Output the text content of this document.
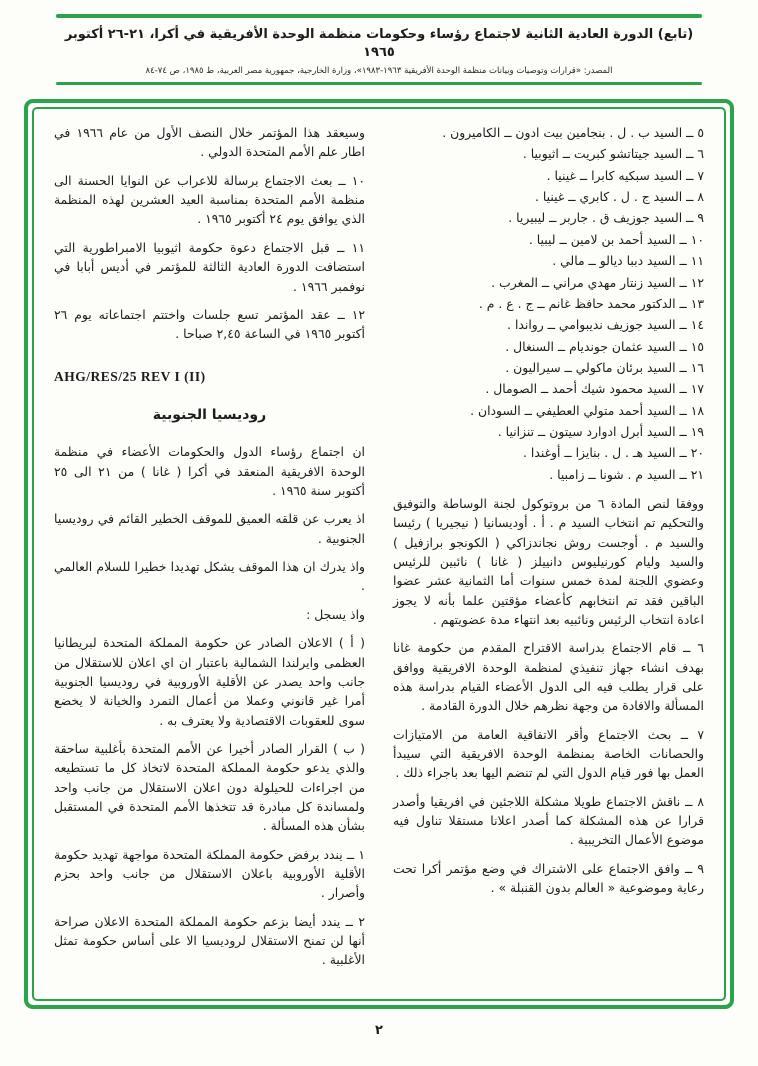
(تابع) الدورة العادية الثانية لاجتماع رؤساء وحكومات منظمة الوحدة الأفريقية في أكرا، ٢١-٢٦ أكتوبر ١٩٦٥
المصدر: «قرارات وتوصيات وبيانات منظمة الوحدة الأفريقية ١٩٦٣-١٩٨٣»، وزارة الخارجية، جمهورية مصر العربية، ط ١٩٨٥، ص ٧٤-٨٤
٥ ــ السيد ب . ل . بنجامين بيت ادون ــ الكاميرون .
٦ ــ السيد جيتاتشو كبريت ــ اثيوبيا .
٧ ــ السيد سبكيه كابرا ــ غينيا .
٨ ــ السيد ج . ل . كابري ــ غينيا .
٩ ــ السيد جوزيف ق . جاربر ــ ليبيريا .
١٠ ــ السيد أحمد بن لامين ــ ليبيا .
١١ ــ السيد دببا ديالو ــ مالي .
١٢ ــ السيد زنتار مهدي مراني ــ المغرب .
١٣ ــ الدكتور محمد حافظ غانم ــ ج . ع . م .
١٤ ــ السيد جوزيف نديبوامي ــ رواندا .
١٥ ــ السيد عثمان جونديام ــ السنغال .
١٦ ــ السيد برئان ماكولي ــ سيراليون .
١٧ ــ السيد محمود شيك أحمد ــ الصومال .
١٨ ــ السيد أحمد متولي العطيفي ــ السودان .
١٩ ــ السيد أبرل ادوارد سيتون ــ تنزانيا .
٢٠ ــ السيد هـ . ل . بنايزا ــ أوغندا .
٢١ ــ السيد م . شونا ــ زامبيا .
ووفقا لنص المادة ٦ من بروتوكول لجنة الوساطة والتوفيق والتحكيم تم انتخاب السيد م . أ . أوديسانيا ( نيجيريا ) رئيسا والسيد م . أوجست روش نجاندزاكي ( الكونجو برازفيل ) والسيد وليام كورنيليوس دانييلز ( غانا ) نائبين للرئيس وعضوي اللجنة لمدة خمس سنوات أما الثمانية عشر عضوا الباقين فقد تم انتخابهم كأعضاء مؤقتين علما بأنه لا يجوز اعادة انتخاب الرئيس ونائبيه بعد انتهاء مدة عضويتهم .
٦ ــ قام الاجتماع بدراسة الاقتراح المقدم من حكومة غانا بهدف انشاء جهاز تنفيذي لمنظمة الوحدة الافريقية ووافق على قرار يطلب فيه الى الدول الأعضاء القيام بدراسة هذه المسألة والافادة من وجهة نظرهم خلال الدورة القادمة .
٧ ــ بحث الاجتماع وأقر الاتفاقية العامة من الامتيازات والحصانات الخاصة بمنظمة الوحدة الافريقية التي سيبدأ العمل بها فور قيام الدول التي لم تنضم اليها بعد باجراء ذلك .
٨ ــ ناقش الاجتماع طويلا مشكلة اللاجئين في افريقيا وأصدر قرارا عن هذه المشكلة كما أصدر اعلانا مستقلا تناول فيه موضوع الأعمال التخريبية .
٩ ــ وافق الاجتماع على الاشتراك في وضع مؤتمر أكرا تحت رعاية وموضوعية « العالم بدون القنبلة » .
وسيعقد هذا المؤتمر خلال النصف الأول من عام ١٩٦٦ في اطار علم الأمم المتحدة الدولي .
١٠ ــ بعث الاجتماع برسالة للاعراب عن النوايا الحسنة الى منظمة الأمم المتحدة بمناسبة العيد العشرين لهذه المنظمة الذي يوافق يوم ٢٤ أكتوبر ١٩٦٥ .
١١ ــ قبل الاجتماع دعوة حكومة اثيوبيا الامبراطورية التي استضافت الدورة العادية الثالثة للمؤتمر في أديس أبابا في نوفمبر ١٩٦٦ .
١٢ ــ عقد المؤتمر تسع جلسات واختتم اجتماعاته يوم ٢٦ أكتوبر ١٩٦٥ في الساعة ٢,٤٥ صباحا .
AHG/RES/25 REV I (II)
روديسيا الجنوبية
ان اجتماع رؤساء الدول والحكومات الأعضاء في منظمة الوحدة الافريقية المنعقد في أكرا ( غانا ) من ٢١ الى ٢٥ أكتوبر سنة ١٩٦٥ .
اذ يعرب عن قلقه العميق للموقف الخطير القائم في روديسيا الجنوبية .
واذ يدرك ان هذا الموقف يشكل تهديدا خطيرا للسلام العالمي .
واذ يسجل :
( أ ) الاعلان الصادر عن حكومة المملكة المتحدة لبريطانيا العظمى وايرلندا الشمالية باعتبار ان اي اعلان للاستقلال من جانب واحد يصدر عن الأقلية الأوروبية في روديسيا الجنوبية أمرا غير قانوني وعملا من أعمال التمرد والخيانة لا يخضع سوى للعقوبات الاقتصادية ولا يعترف به .
( ب ) القرار الصادر أخيرا عن الأمم المتحدة بأغلبية ساحقة والذي يدعو حكومة المملكة المتحدة لاتخاذ كل ما تستطيعه من اجراءات للحيلولة دون اعلان الاستقلال من جانب واحد ولمساندة كل مبادرة قد تتخذها الأمم المتحدة في المستقبل بشأن هذه المسألة .
١ ــ يندد برفض حكومة المملكة المتحدة مواجهة تهديد حكومة الأقلية الأوروبية باعلان الاستقلال من جانب واحد بحزم وأصرار .
٢ ــ يندد أيضا بزعم حكومة المملكة المتحدة الاعلان صراحة أنها لن تمنح الاستقلال لروديسيا الا على أساس حكومة تمثل الأغلبية .
٢
